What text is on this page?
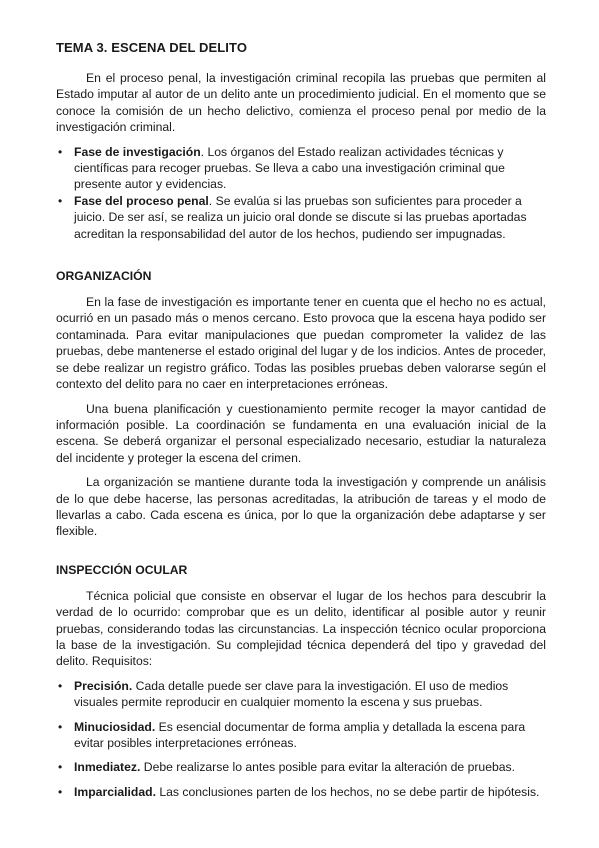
TEMA 3. ESCENA DEL DELITO

En el proceso penal, la investigación criminal recopila las pruebas que permiten al Estado imputar al autor de un delito ante un procedimiento judicial. En el momento que se conoce la comisión de un hecho delictivo, comienza el proceso penal por medio de la investigación criminal.

• Fase de investigación. Los órganos del Estado realizan actividades técnicas y científicas para recoger pruebas. Se lleva a cabo una investigación criminal que presente autor y evidencias.
• Fase del proceso penal. Se evalúa si las pruebas son suficientes para proceder a juicio. De ser así, se realiza un juicio oral donde se discute si las pruebas aportadas acreditan la responsabilidad del autor de los hechos, pudiendo ser impugnadas.
ORGANIZACIÓN

En la fase de investigación es importante tener en cuenta que el hecho no es actual, ocurrió en un pasado más o menos cercano. Esto provoca que la escena haya podido ser contaminada. Para evitar manipulaciones que puedan comprometer la validez de las pruebas, debe mantenerse el estado original del lugar y de los indicios. Antes de proceder, se debe realizar un registro gráfico. Todas las posibles pruebas deben valorarse según el contexto del delito para no caer en interpretaciones erróneas.

Una buena planificación y cuestionamiento permite recoger la mayor cantidad de información posible. La coordinación se fundamenta en una evaluación inicial de la escena. Se deberá organizar el personal especializado necesario, estudiar la naturaleza del incidente y proteger la escena del crimen.

La organización se mantiene durante toda la investigación y comprende un análisis de lo que debe hacerse, las personas acreditadas, la atribución de tareas y el modo de llevarlas a cabo. Cada escena es única, por lo que la organización debe adaptarse y ser flexible.

INSPECCIÓN OCULAR

Técnica policial que consiste en observar el lugar de los hechos para descubrir la verdad de lo ocurrido: comprobar que es un delito, identificar al posible autor y reunir pruebas, considerando todas las circunstancias. La inspección técnico ocular proporciona la base de la investigación. Su complejidad técnica dependerá del tipo y gravedad del delito. Requisitos:

• Precisión. Cada detalle puede ser clave para la investigación. El uso de medios visuales permite reproducir en cualquier momento la escena y sus pruebas.
• Minuciosidad. Es esencial documentar de forma amplia y detallada la escena para evitar posibles interpretaciones erróneas.
• Inmediatez. Debe realizarse lo antes posible para evitar la alteración de pruebas.
• Imparcialidad. Las conclusiones parten de los hechos, no se debe partir de hipótesis.
